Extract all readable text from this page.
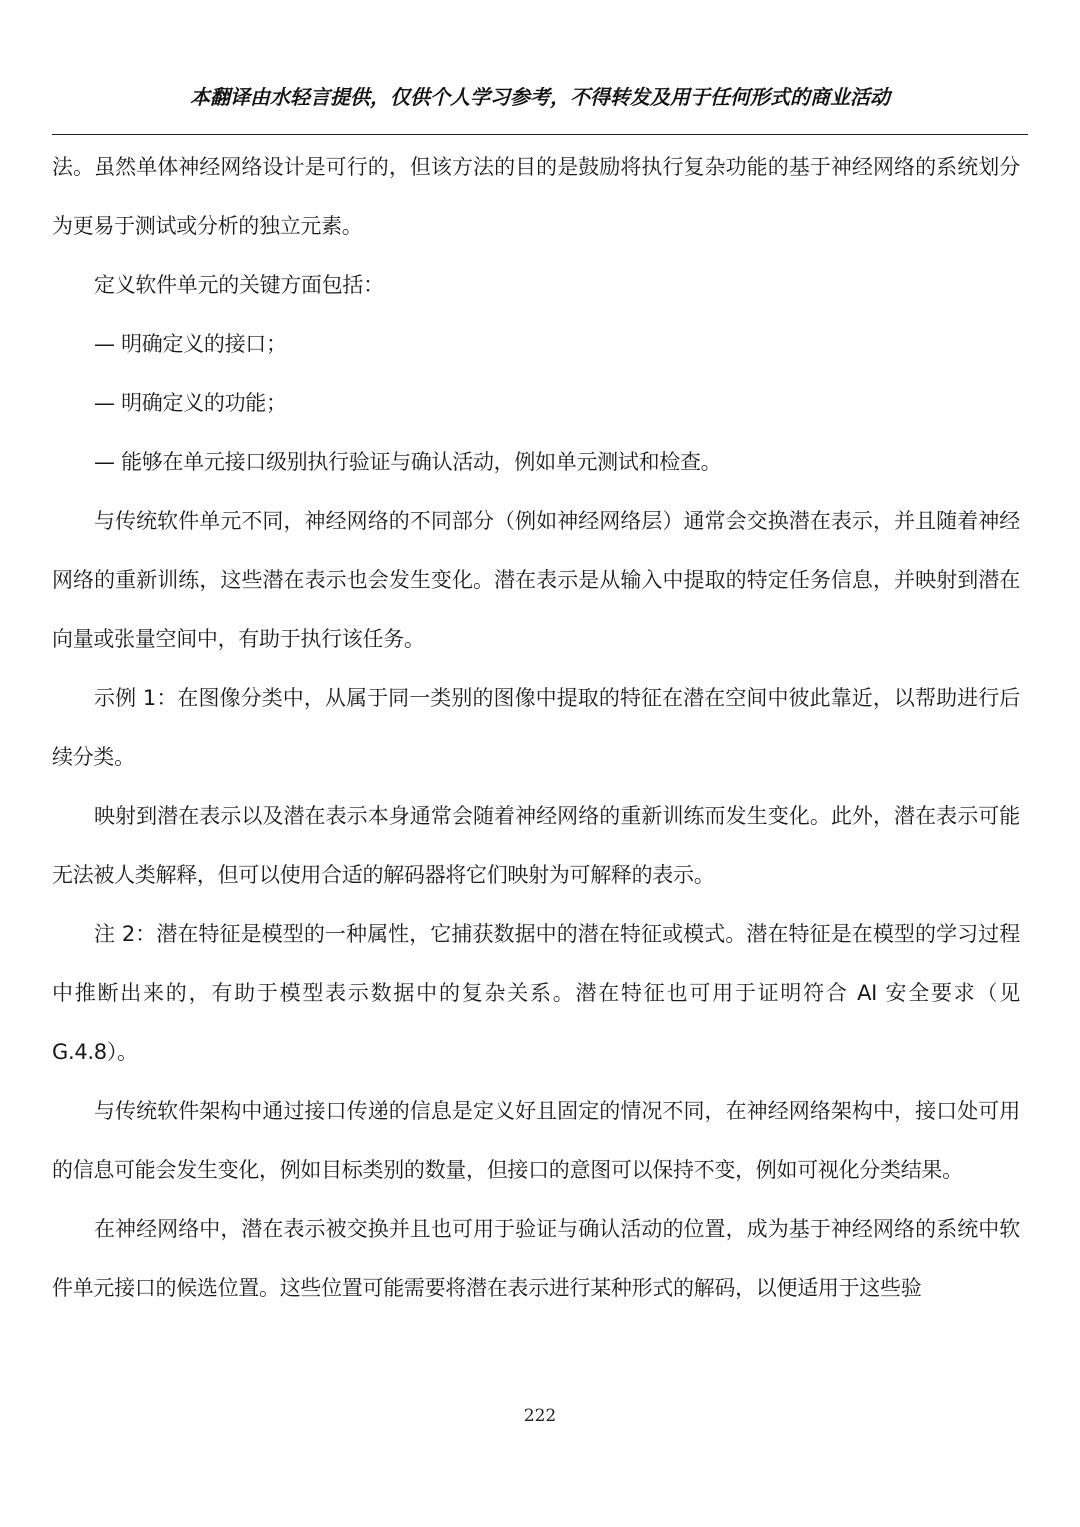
本翻译由水轻言提供，仅供个人学习参考，不得转发及用于任何形式的商业活动

法。虽然单体神经网络设计是可行的，但该方法的目的是鼓励将执行复杂功能的基于神经网络的系统划分为更易于测试或分析的独立元素。

定义软件单元的关键方面包括：

— 明确定义的接口；

— 明确定义的功能；

— 能够在单元接口级别执行验证与确认活动，例如单元测试和检查。

与传统软件单元不同，神经网络的不同部分（例如神经网络层）通常会交换潜在表示，并且随着神经网络的重新训练，这些潜在表示也会发生变化。潜在表示是从输入中提取的特定任务信息，并映射到潜在向量或张量空间中，有助于执行该任务。

示例 1：在图像分类中，从属于同一类别的图像中提取的特征在潜在空间中彼此靠近，以帮助进行后续分类。

映射到潜在表示以及潜在表示本身通常会随着神经网络的重新训练而发生变化。此外，潜在表示可能无法被人类解释，但可以使用合适的解码器将它们映射为可解释的表示。

注 2：潜在特征是模型的一种属性，它捕获数据中的潜在特征或模式。潜在特征是在模型的学习过程中推断出来的，有助于模型表示数据中的复杂关系。潜在特征也可用于证明符合 AI 安全要求（见 G.4.8）。

与传统软件架构中通过接口传递的信息是定义好且固定的情况不同，在神经网络架构中，接口处可用的信息可能会发生变化，例如目标类别的数量，但接口的意图可以保持不变，例如可视化分类结果。

在神经网络中，潜在表示被交换并且也可用于验证与确认活动的位置，成为基于神经网络的系统中软件单元接口的候选位置。这些位置可能需要将潜在表示进行某种形式的解码，以便适用于这些验

222
